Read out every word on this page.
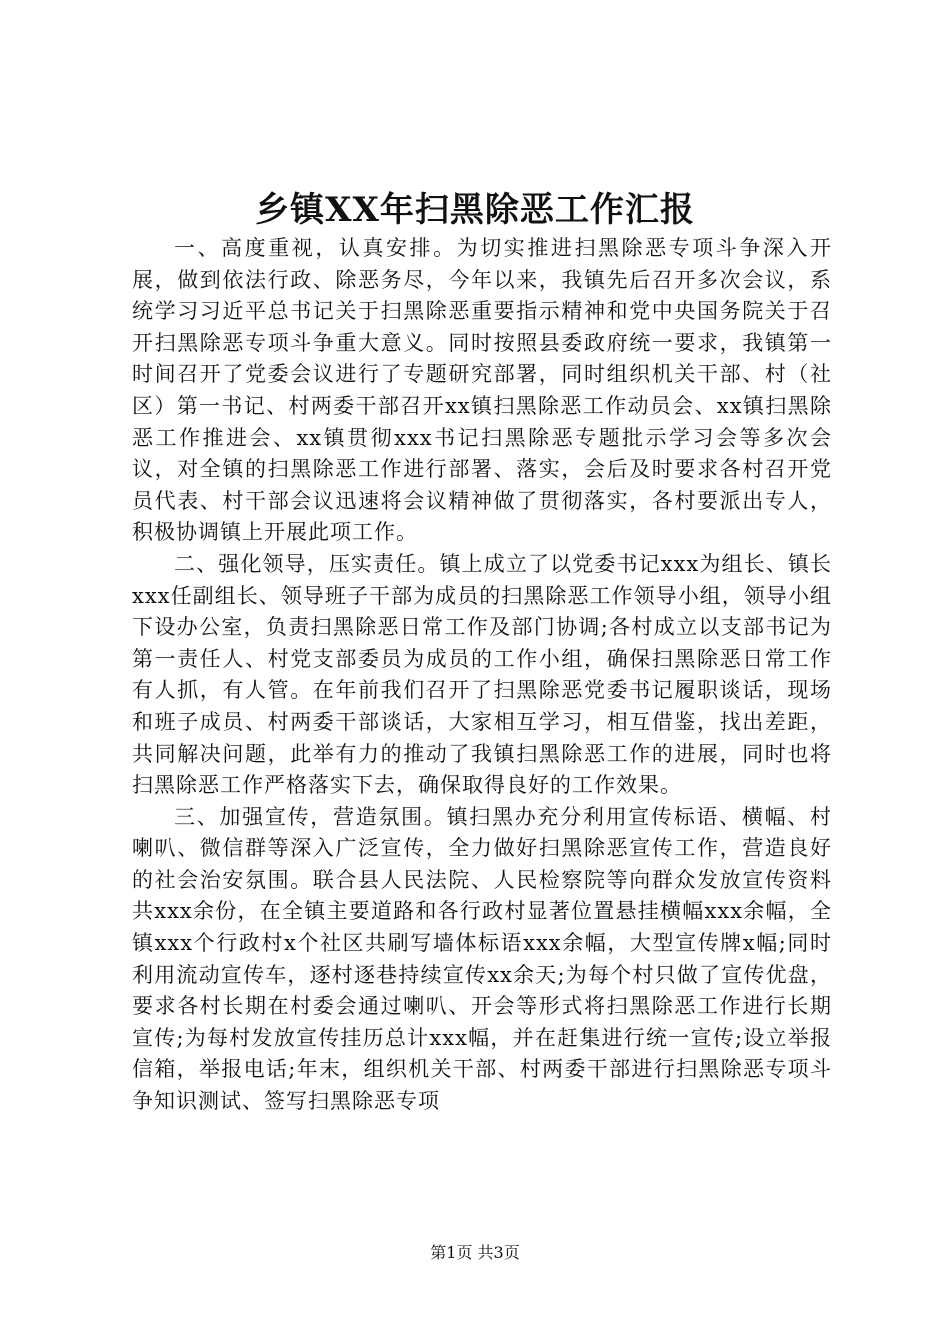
乡镇XX年扫黑除恶工作汇报

一、高度重视，认真安排。为切实推进扫黑除恶专项斗争深入开展，做到依法行政、除恶务尽，今年以来，我镇先后召开多次会议，系统学习习近平总书记关于扫黑除恶重要指示精神和党中央国务院关于召开扫黑除恶专项斗争重大意义。同时按照县委政府统一要求，我镇第一时间召开了党委会议进行了专题研究部署，同时组织机关干部、村（社区）第一书记、村两委干部召开xx镇扫黑除恶工作动员会、xx镇扫黑除恶工作推进会、xx镇贯彻xxx书记扫黑除恶专题批示学习会等多次会议，对全镇的扫黑除恶工作进行部署、落实，会后及时要求各村召开党员代表、村干部会议迅速将会议精神做了贯彻落实，各村要派出专人，积极协调镇上开展此项工作。

二、强化领导，压实责任。镇上成立了以党委书记xxx为组长、镇长xxx任副组长、领导班子干部为成员的扫黑除恶工作领导小组，领导小组下设办公室，负责扫黑除恶日常工作及部门协调;各村成立以支部书记为第一责任人、村党支部委员为成员的工作小组，确保扫黑除恶日常工作有人抓，有人管。在年前我们召开了扫黑除恶党委书记履职谈话，现场和班子成员、村两委干部谈话，大家相互学习，相互借鉴，找出差距，共同解决问题，此举有力的推动了我镇扫黑除恶工作的进展，同时也将扫黑除恶工作严格落实下去，确保取得良好的工作效果。

三、加强宣传，营造氛围。镇扫黑办充分利用宣传标语、横幅、村喇叭、微信群等深入广泛宣传，全力做好扫黑除恶宣传工作，营造良好的社会治安氛围。联合县人民法院、人民检察院等向群众发放宣传资料共xxx余份，在全镇主要道路和各行政村显著位置悬挂横幅xxx余幅，全镇xxx个行政村x个社区共刷写墙体标语xxx余幅，大型宣传牌x幅;同时利用流动宣传车，逐村逐巷持续宣传xx余天;为每个村只做了宣传优盘，要求各村长期在村委会通过喇叭、开会等形式将扫黑除恶工作进行长期宣传;为每村发放宣传挂历总计xxx幅，并在赶集进行统一宣传;设立举报信箱，举报电话;年末，组织机关干部、村两委干部进行扫黑除恶专项斗争知识测试、签写扫黑除恶专项

第1页 共3页
